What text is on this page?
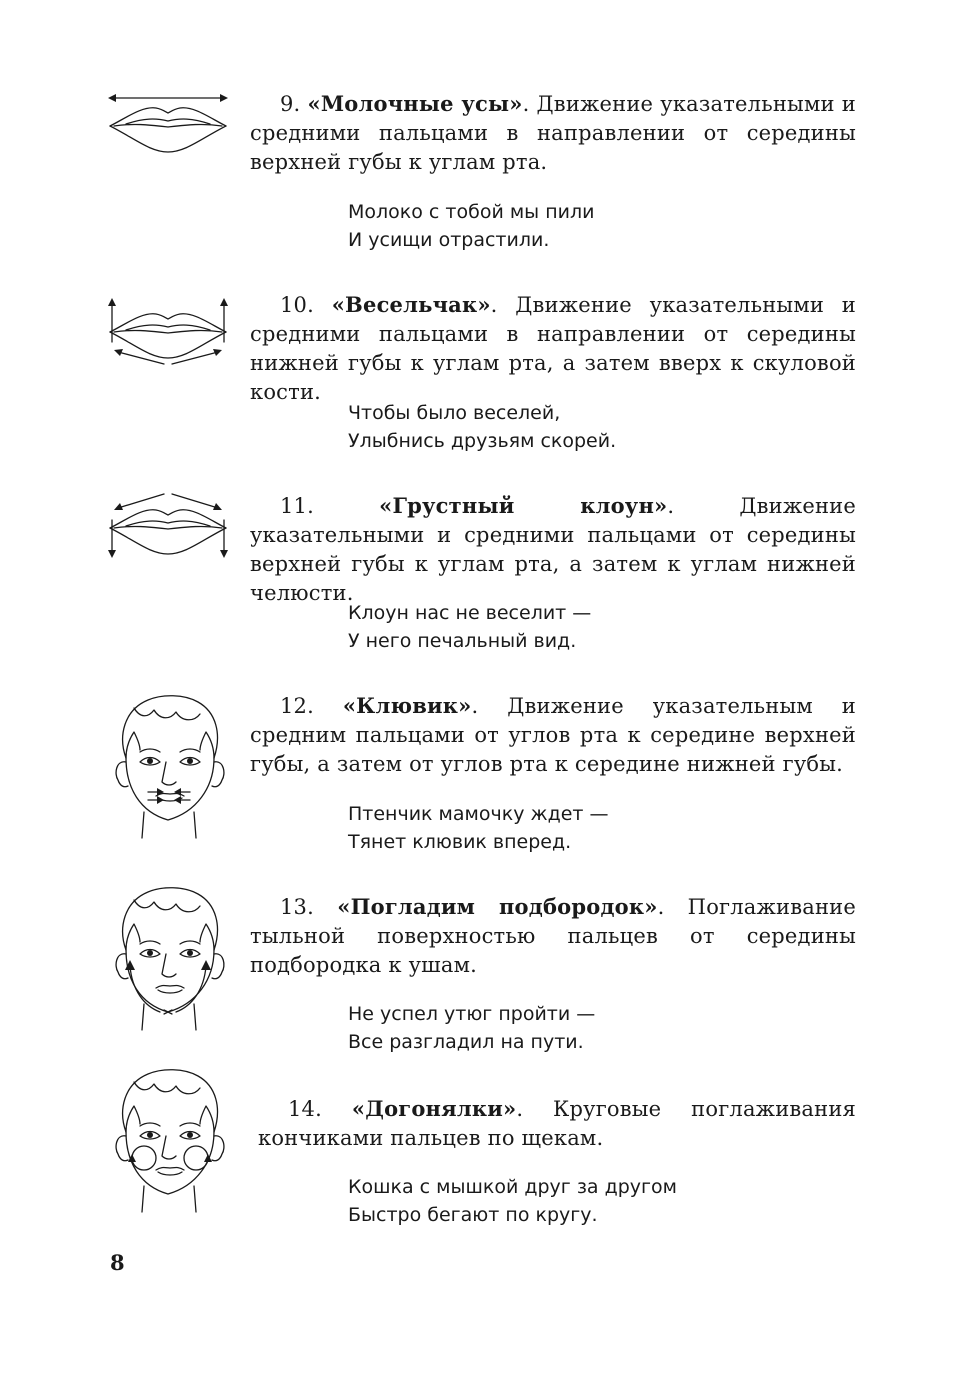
9. «Молочные усы». Движение указательными и средними пальцами в направлении от середины верхней губы к углам рта.
Молоко с тобой мы пили
И усищи отрастили.
10. «Весельчак». Движение указательными и средними пальцами в направлении от середины нижней губы к углам рта, а затем вверх к скуловой кости.
Чтобы было веселей,
Улыбнись друзьям скорей.
11.	«Грустный клоун». Движение указательными и средними пальцами от середины верхней губы к углам рта, а затем к углам нижней челюсти.
Клоун нас не веселит —
У него печальный вид.
12. «Клювик». Движение указательным и средним пальцами от углов рта к середине верхней губы, а затем от углов рта к середине нижней губы.
Птенчик мамочку ждет —
Тянет клювик вперед.
13. «Погладим подбородок». Поглаживание тыльной поверхностью пальцев от середины подбородка к ушам.
Не успел утюг пройти —
Все разгладил на пути.
14. «Догонялки». Круговые поглаживания кончиками пальцев по щекам.
Кошка с мышкой друг за другом
Быстро бегают по кругу.
8
